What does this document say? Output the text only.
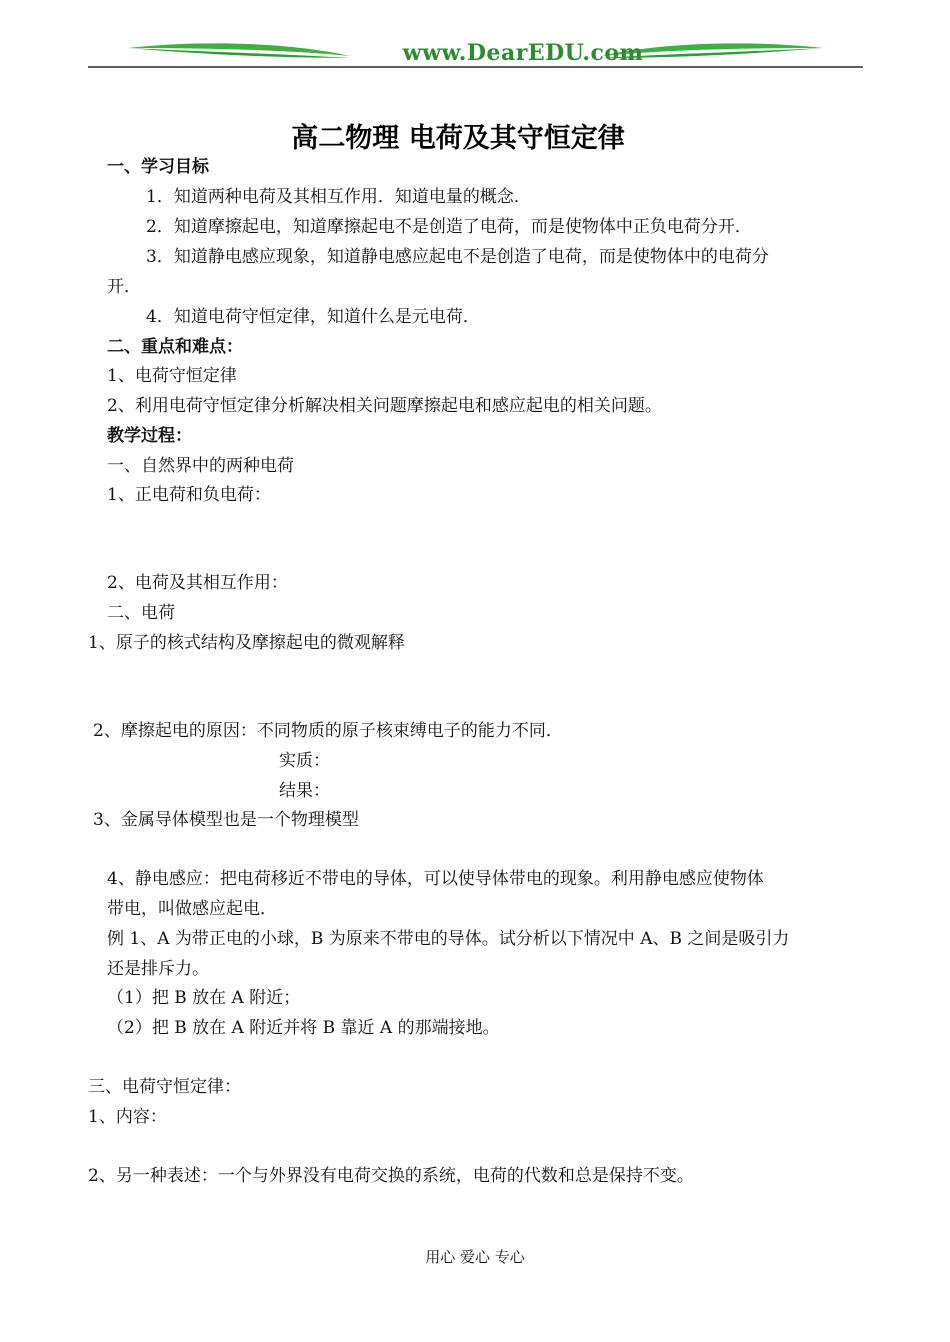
www.DearEDU.com
高二物理 电荷及其守恒定律
一、学习目标
1．知道两种电荷及其相互作用．知道电量的概念．
2．知道摩擦起电，知道摩擦起电不是创造了电荷，而是使物体中正负电荷分开．
3．知道静电感应现象，知道静电感应起电不是创造了电荷，而是使物体中的电荷分
开．
4．知道电荷守恒定律，知道什么是元电荷．
二、重点和难点：
1、电荷守恒定律
2、利用电荷守恒定律分析解决相关问题摩擦起电和感应起电的相关问题。
教学过程：
一、自然界中的两种电荷
1、正电荷和负电荷：
2、电荷及其相互作用：
二、电荷
1、原子的核式结构及摩擦起电的微观解释
2、摩擦起电的原因：不同物质的原子核束缚电子的能力不同．
实质：
结果：
3、金属导体模型也是一个物理模型
4、静电感应：把电荷移近不带电的导体，可以使导体带电的现象。利用静电感应使物体
带电，叫做感应起电．
例 1、A 为带正电的小球，B 为原来不带电的导体。试分析以下情况中 A、B 之间是吸引力
还是排斥力。
（1）把 B 放在 A 附近；
（2）把 B 放在 A 附近并将 B 靠近 A 的那端接地。
三、电荷守恒定律：
1、内容：
2、另一种表述：一个与外界没有电荷交换的系统，电荷的代数和总是保持不变。
用心 爱心 专心
